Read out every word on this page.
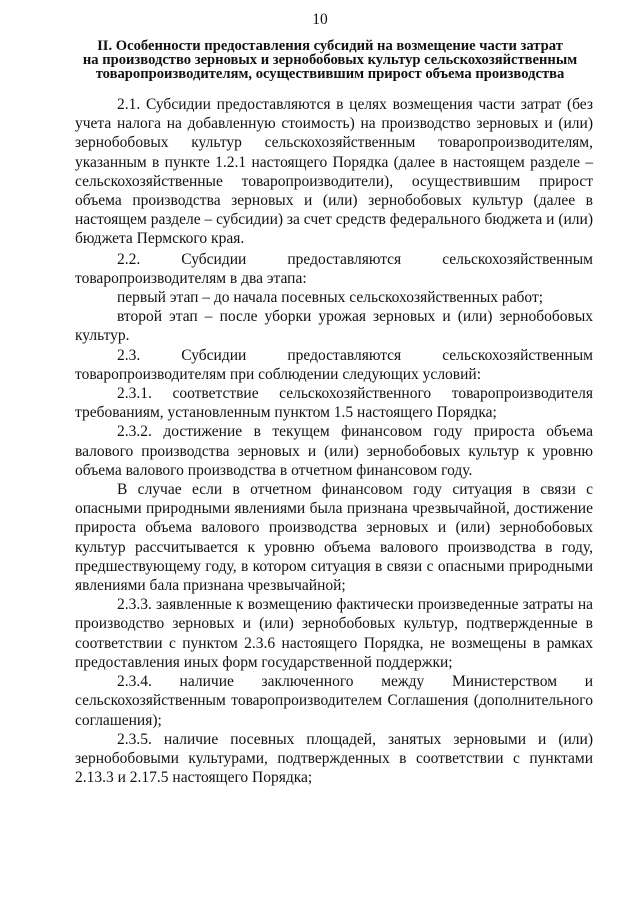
10
II. Особенности предоставления субсидий на возмещение части затрат
на производство зерновых и зернобобовых культур сельскохозяйственным
товаропроизводителям, осуществившим прирост объема производства

2.1. Субсидии предоставляются в целях возмещения части затрат (без учета налога на добавленную стоимость) на производство зерновых и (или) зернобобовых культур сельскохозяйственным товаропроизводителям, указанным в пункте 1.2.1 настоящего Порядка (далее в настоящем разделе – сельскохозяйственные товаропроизводители), осуществившим прирост объема производства зерновых и (или) зернобобовых культур (далее в настоящем разделе – субсидии) за счет средств федерального бюджета и (или) бюджета Пермского края.

2.2. Субсидии предоставляются сельскохозяйственным товаропроизводителям в два этапа:

первый этап – до начала посевных сельскохозяйственных работ;

второй этап – после уборки урожая зерновых и (или) зернобобовых культур.

2.3. Субсидии предоставляются сельскохозяйственным товаропроизводителям при соблюдении следующих условий:

2.3.1. соответствие сельскохозяйственного товаропроизводителя требованиям, установленным пунктом 1.5 настоящего Порядка;

2.3.2. достижение в текущем финансовом году прироста объема валового производства зерновых и (или) зернобобовых культур к уровню объема валового производства в отчетном финансовом году.

В случае если в отчетном финансовом году ситуация в связи с опасными природными явлениями была признана чрезвычайной, достижение прироста объема валового производства зерновых и (или) зернобобовых культур рассчитывается к уровню объема валового производства в году, предшествующему году, в котором ситуация в связи с опасными природными явлениями бала признана чрезвычайной;

2.3.3. заявленные к возмещению фактически произведенные затраты на производство зерновых и (или) зернобобовых культур, подтвержденные в соответствии с пунктом 2.3.6 настоящего Порядка, не возмещены в рамках предоставления иных форм государственной поддержки;

2.3.4. наличие заключенного между Министерством и сельскохозяйственным товаропроизводителем Соглашения (дополнительного соглашения);

2.3.5. наличие посевных площадей, занятых зерновыми и (или) зернобобовыми культурами, подтвержденных в соответствии с пунктами 2.13.3 и 2.17.5 настоящего Порядка;
